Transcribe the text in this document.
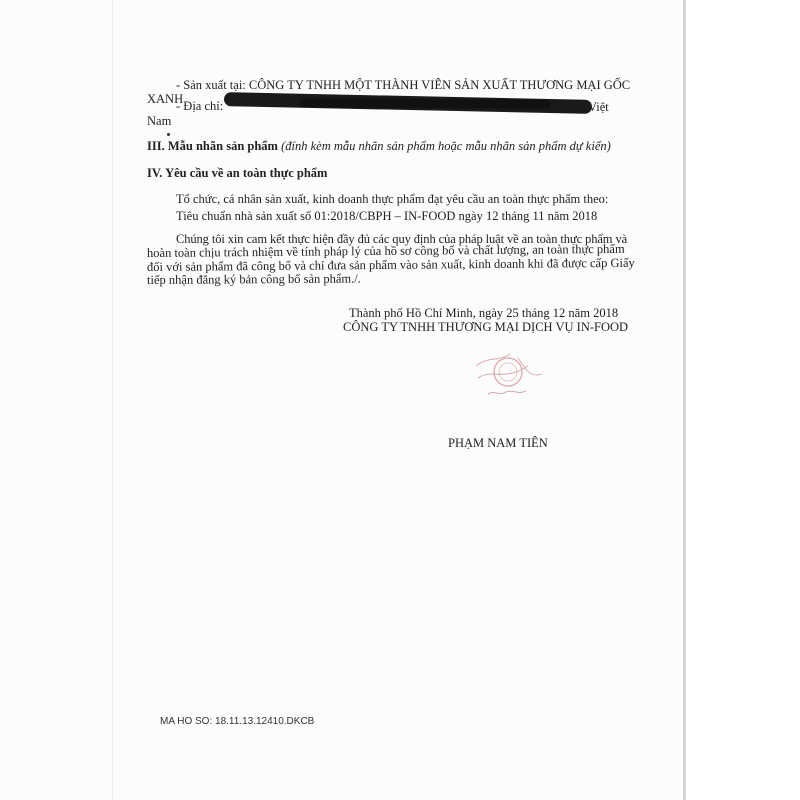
- Sản xuất tại: CÔNG TY TNHH MỘT THÀNH VIÊN SẢN XUẤT THƯƠNG MẠI GỐC
XANH
- Địa chỉ:	Việt
Nam
III. Mẫu nhãn sản phẩm (đính kèm mẫu nhãn sản phẩm hoặc mẫu nhãn sản phẩm dự kiến)
IV. Yêu cầu về an toàn thực phẩm
Tổ chức, cá nhân sản xuất, kinh doanh thực phẩm đạt yêu cầu an toàn thực phẩm theo:
Tiêu chuẩn nhà sản xuất số 01:2018/CBPH – IN-FOOD ngày 12 tháng 11 năm 2018
Chúng tôi xin cam kết thực hiện đầy đủ các quy định của pháp luật về an toàn thực phẩm và
hoàn toàn chịu trách nhiệm về tính pháp lý của hồ sơ công bố và chất lượng, an toàn thực phẩm
đối với sản phẩm đã công bố và chỉ đưa sản phẩm vào sản xuất, kinh doanh khi đã được cấp Giấy
tiếp nhận đăng ký bản công bố sản phẩm./.
Thành phố Hồ Chí Minh, ngày 25 tháng 12 năm 2018
CÔNG TY TNHH THƯƠNG MẠI DỊCH VỤ IN-FOOD
PHẠM NAM TIÊN
MA HO SO: 18.11.13.12410.DKCB
